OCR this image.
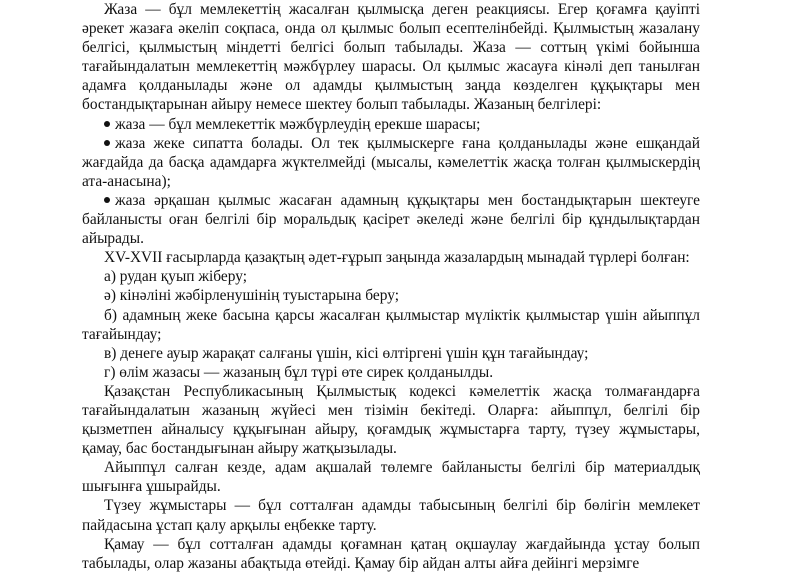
Жаза — бұл мемлекеттің жасалған қылмысқа деген реакциясы. Егер қоғамға қауіпті әрекет жазаға әкеліп соқпаса, онда ол қылмыс болып есептелінбейді. Қылмыстың жазалану белгісі, қылмыстың міндетті белгісі болып табылады. Жаза — соттың үкімі бойынша тағайындалатын мемлекеттің мәжбүрлеу шарасы. Ол қылмыс жасауға кінәлі деп танылған адамға қолданылады және ол адамды қылмыстың заңда көзделген құқықтары мен бостандықтарынан айыру немесе шектеу болып табылады. Жазаның белгілері:

жаза — бұл мемлекеттік мәжбүрлеудің ерекше шарасы;

жаза жеке сипатта болады. Ол тек қылмыскерге ғана қолданылады және ешқандай жағдайда да басқа адамдарға жүктелмейді (мысалы, кәмелеттік жасқа толған қылмыскердің ата-анасына);

жаза әрқашан қылмыс жасаған адамның құқықтары мен бостандықтарын шектеуге байланысты оған белгілі бір моральдық қасірет әкеледі және белгілі бір құндылықтардан айырады.

XV-XVII ғасырларда қазақтың әдет-ғұрып заңында жазалардың мынадай түрлері болған:

а) рудан қуып жіберу;

ә) кінәліні жәбірленушінің туыстарына беру;

б) адамның жеке басына қарсы жасалған қылмыстар мүліктік қылмыстар үшін айыппұл тағайындау;

в) денеге ауыр жарақат салғаны үшін, кісі өлтіргені үшін құн тағайындау;

г) өлім жазасы — жазаның бұл түрі өте сирек қолданылды.

Қазақстан Республикасының Қылмыстық кодексі кәмелеттік жасқа толмағандарға тағайындалатын жазаның жүйесі мен тізімін бекітеді. Оларға: айыппұл, белгілі бір қызметпен айналысу құқығынан айыру, қоғамдық жұмыстарға тарту, түзеу жұмыстары, қамау, бас бостандығынан айыру жатқызылады.

Айыппұл салған кезде, адам ақшалай төлемге байланысты белгілі бір материалдық шығынға ұшырайды.

Түзеу жұмыстары — бұл сотталған адамды табысының белгілі бір бөлігін мемлекет пайдасына ұстап қалу арқылы еңбекке тарту.

Қамау — бұл сотталған адамды қоғамнан қатаң оқшаулау жағдайында ұстау болып табылады, олар жазаны абақтыда өтейді. Қамау бір айдан алты айға дейінгі мерзімге
